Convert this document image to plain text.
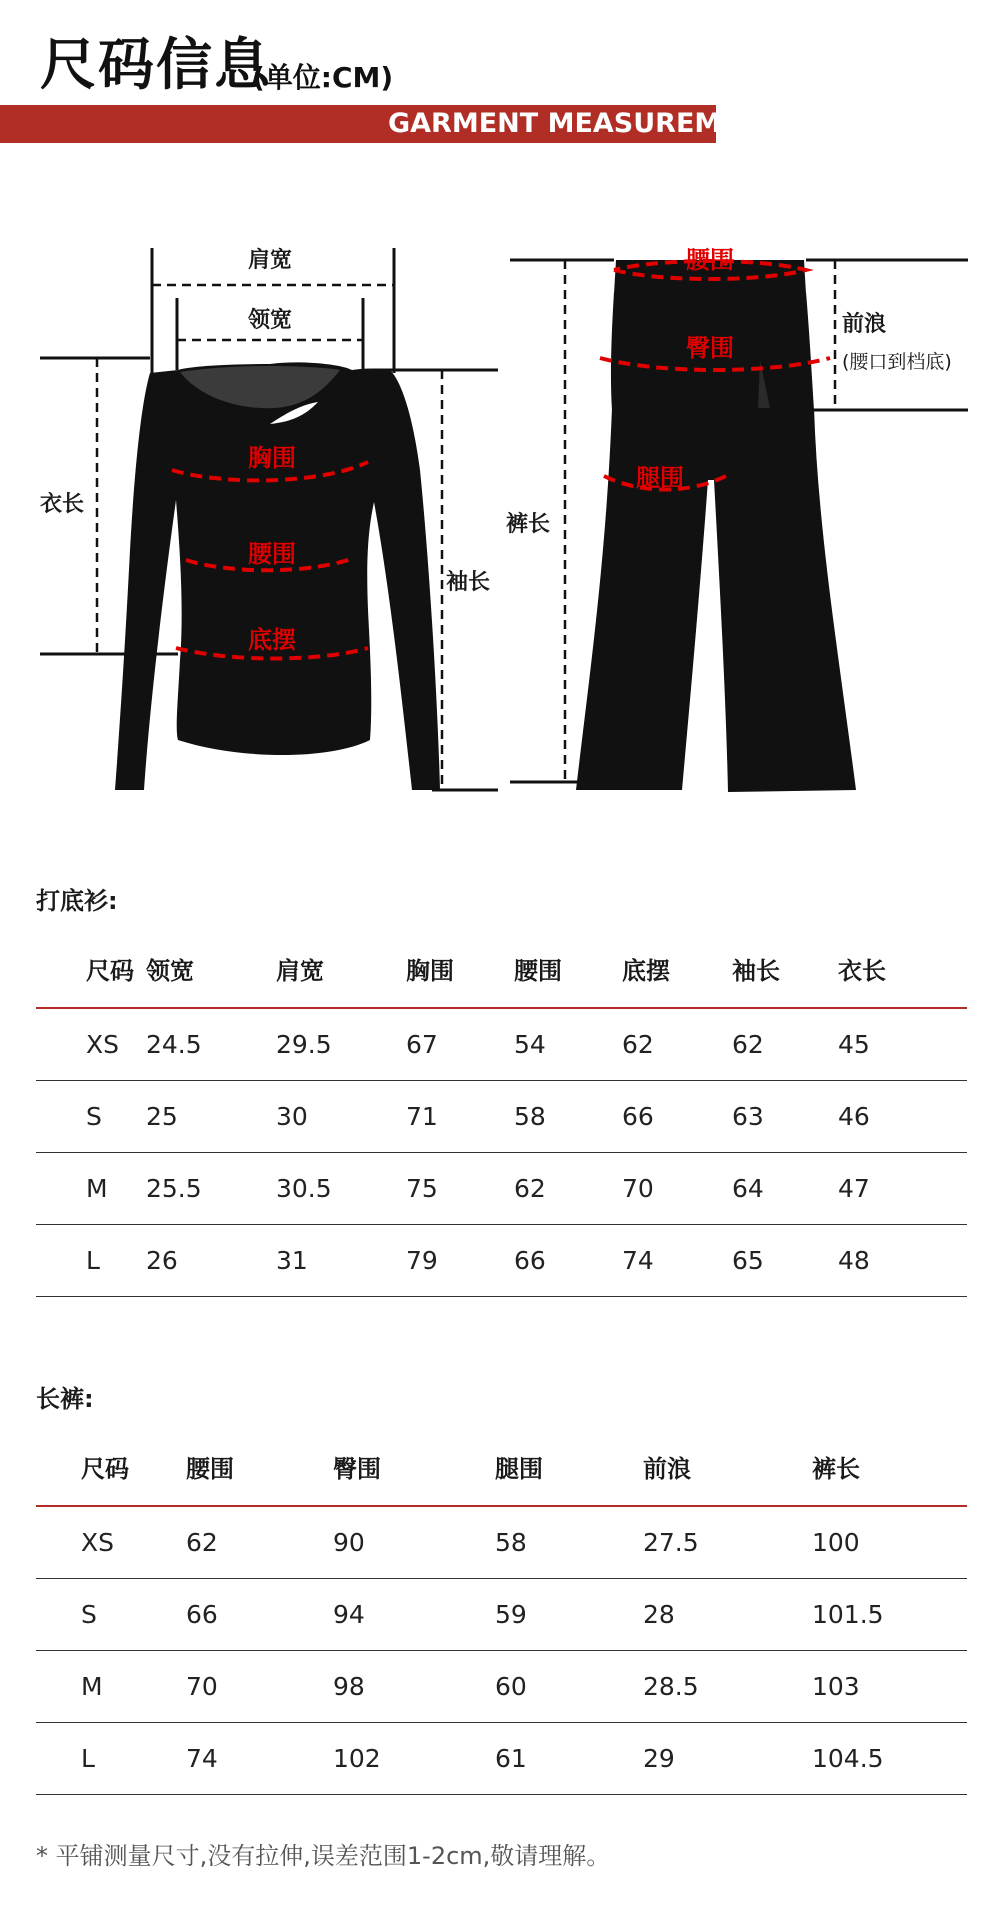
尺码信息
(单位:CM)
GARMENT MEASUREMENTS
肩宽
领宽
衣长
袖长
胸围
腰围
底摆
腰围
臀围
腿围
前浪
(腰口到档底)
裤长
打底衫:
尺码	领宽	肩宽	胸围	腰围	底摆	袖长	衣长
XS	24.5	29.5	67	54	62	62	45
S	25	30	71	58	66	63	46
M	25.5	30.5	75	62	70	64	47
L	26	31	79	66	74	65	48
长裤:
尺码	腰围	臀围	腿围	前浪	裤长
XS	62	90	58	27.5	100
S	66	94	59	28	101.5
M	70	98	60	28.5	103
L	74	102	61	29	104.5
* 平铺测量尺寸,没有拉伸,误差范围1-2cm,敬请理解。
